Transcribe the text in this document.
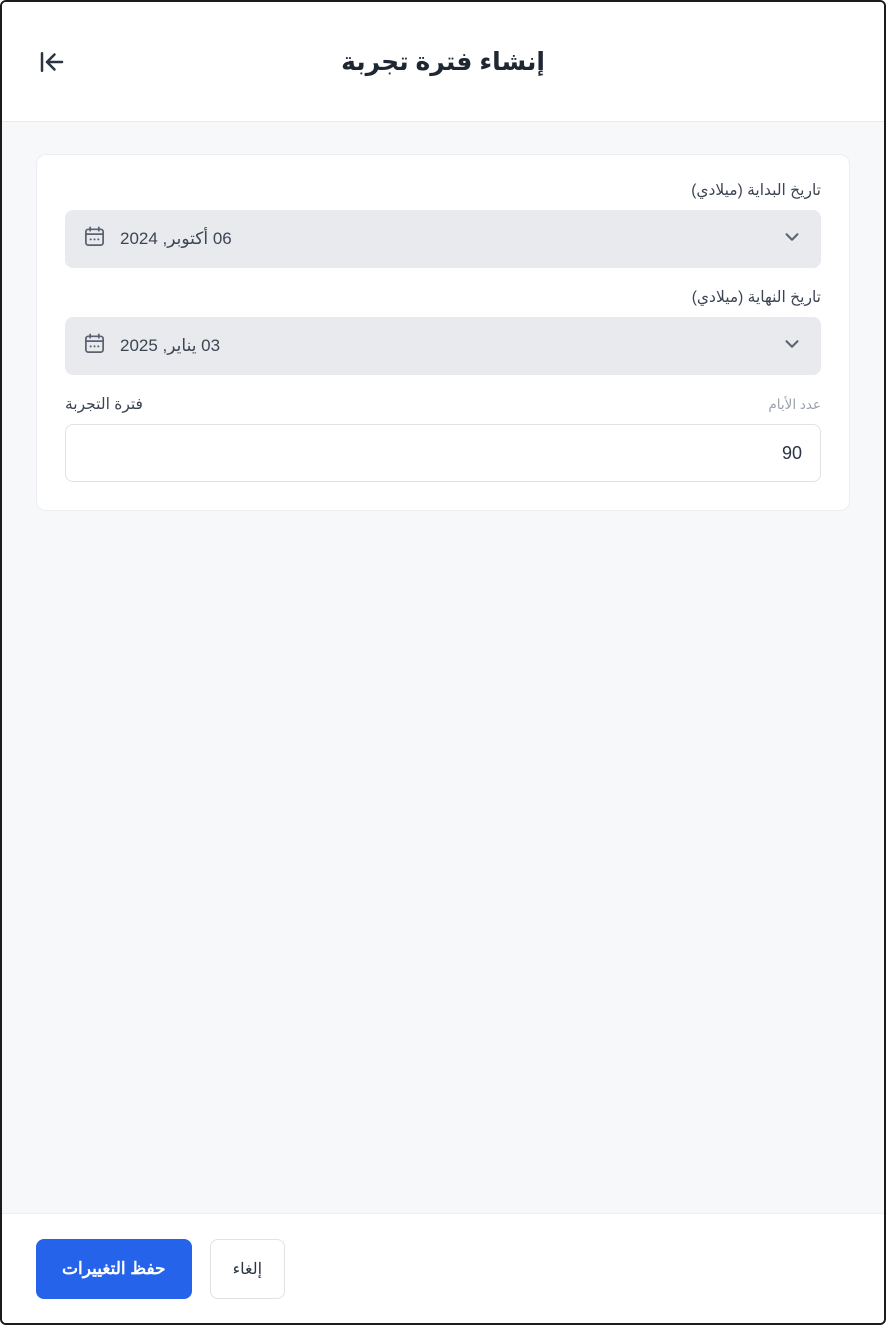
إنشاء فترة تجربة
تاريخ البداية (ميلادي)
06 أكتوبر, 2024
تاريخ النهاية (ميلادي)
03 يناير, 2025
عدد الأيام
فترة التجربة
90
حفظ التغييرات	إلغاء
